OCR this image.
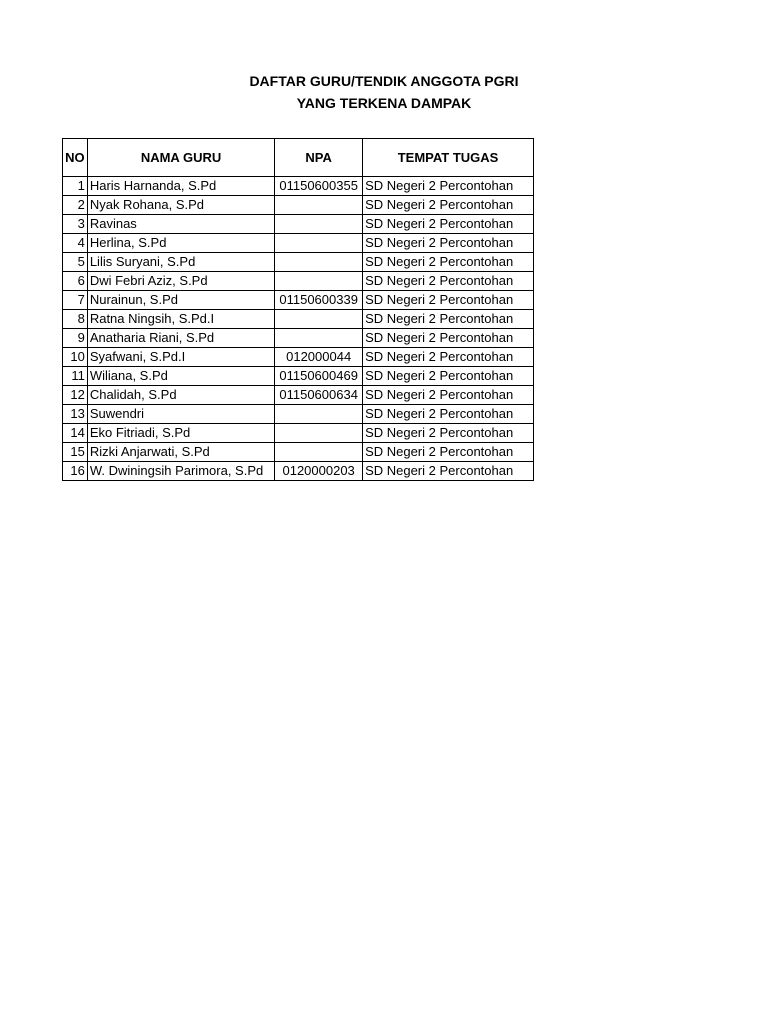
DAFTAR GURU/TENDIK ANGGOTA PGRI
YANG TERKENA DAMPAK
NO	NAMA GURU	NPA	TEMPAT TUGAS
1	Haris Harnanda, S.Pd	01150600355	SD Negeri 2 Percontohan
2	Nyak Rohana, S.Pd		SD Negeri 2 Percontohan
3	Ravinas		SD Negeri 2 Percontohan
4	Herlina, S.Pd		SD Negeri 2 Percontohan
5	Lilis Suryani, S.Pd		SD Negeri 2 Percontohan
6	Dwi Febri Aziz, S.Pd		SD Negeri 2 Percontohan
7	Nurainun, S.Pd	01150600339	SD Negeri 2 Percontohan
8	Ratna Ningsih, S.Pd.I		SD Negeri 2 Percontohan
9	Anatharia Riani, S.Pd		SD Negeri 2 Percontohan
10	Syafwani, S.Pd.I	012000044	SD Negeri 2 Percontohan
11	Wiliana, S.Pd	01150600469	SD Negeri 2 Percontohan
12	Chalidah, S.Pd	01150600634	SD Negeri 2 Percontohan
13	Suwendri		SD Negeri 2 Percontohan
14	Eko Fitriadi, S.Pd		SD Negeri 2 Percontohan
15	Rizki Anjarwati, S.Pd		SD Negeri 2 Percontohan
16	W. Dwiningsih Parimora, S.Pd	0120000203	SD Negeri 2 Percontohan
